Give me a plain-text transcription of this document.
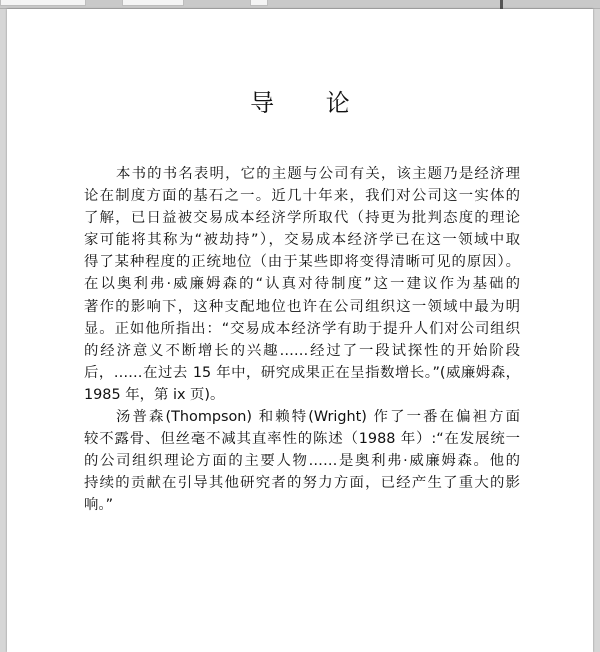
导 论
本书的书名表明，它的主题与公司有关，该主题乃是经济理
论在制度方面的基石之一。近几十年来，我们对公司这一实体的
了解，已日益被交易成本经济学所取代（持更为批判态度的理论
家可能将其称为“被劫持”），交易成本经济学已在这一领域中取
得了某种程度的正统地位（由于某些即将变得清晰可见的原因）。
在以奥利弗·威廉姆森的“认真对待制度”这一建议作为基础的
著作的影响下，这种支配地位也许在公司组织这一领域中最为明
显。正如他所指出：“交易成本经济学有助于提升人们对公司组织
的经济意义不断增长的兴趣……经过了一段试探性的开始阶段
后，……在过去 15 年中，研究成果正在呈指数增长。”(威廉姆森，
1985 年，第 ix 页)。
汤普森(Thompson) 和赖特(Wright) 作了一番在偏袒方面
较不露骨、但丝毫不减其直率性的陈述（1988 年）:“在发展统一
的公司组织理论方面的主要人物……是奥利弗·威廉姆森。他的
持续的贡献在引导其他研究者的努力方面，已经产生了重大的影
响。”
